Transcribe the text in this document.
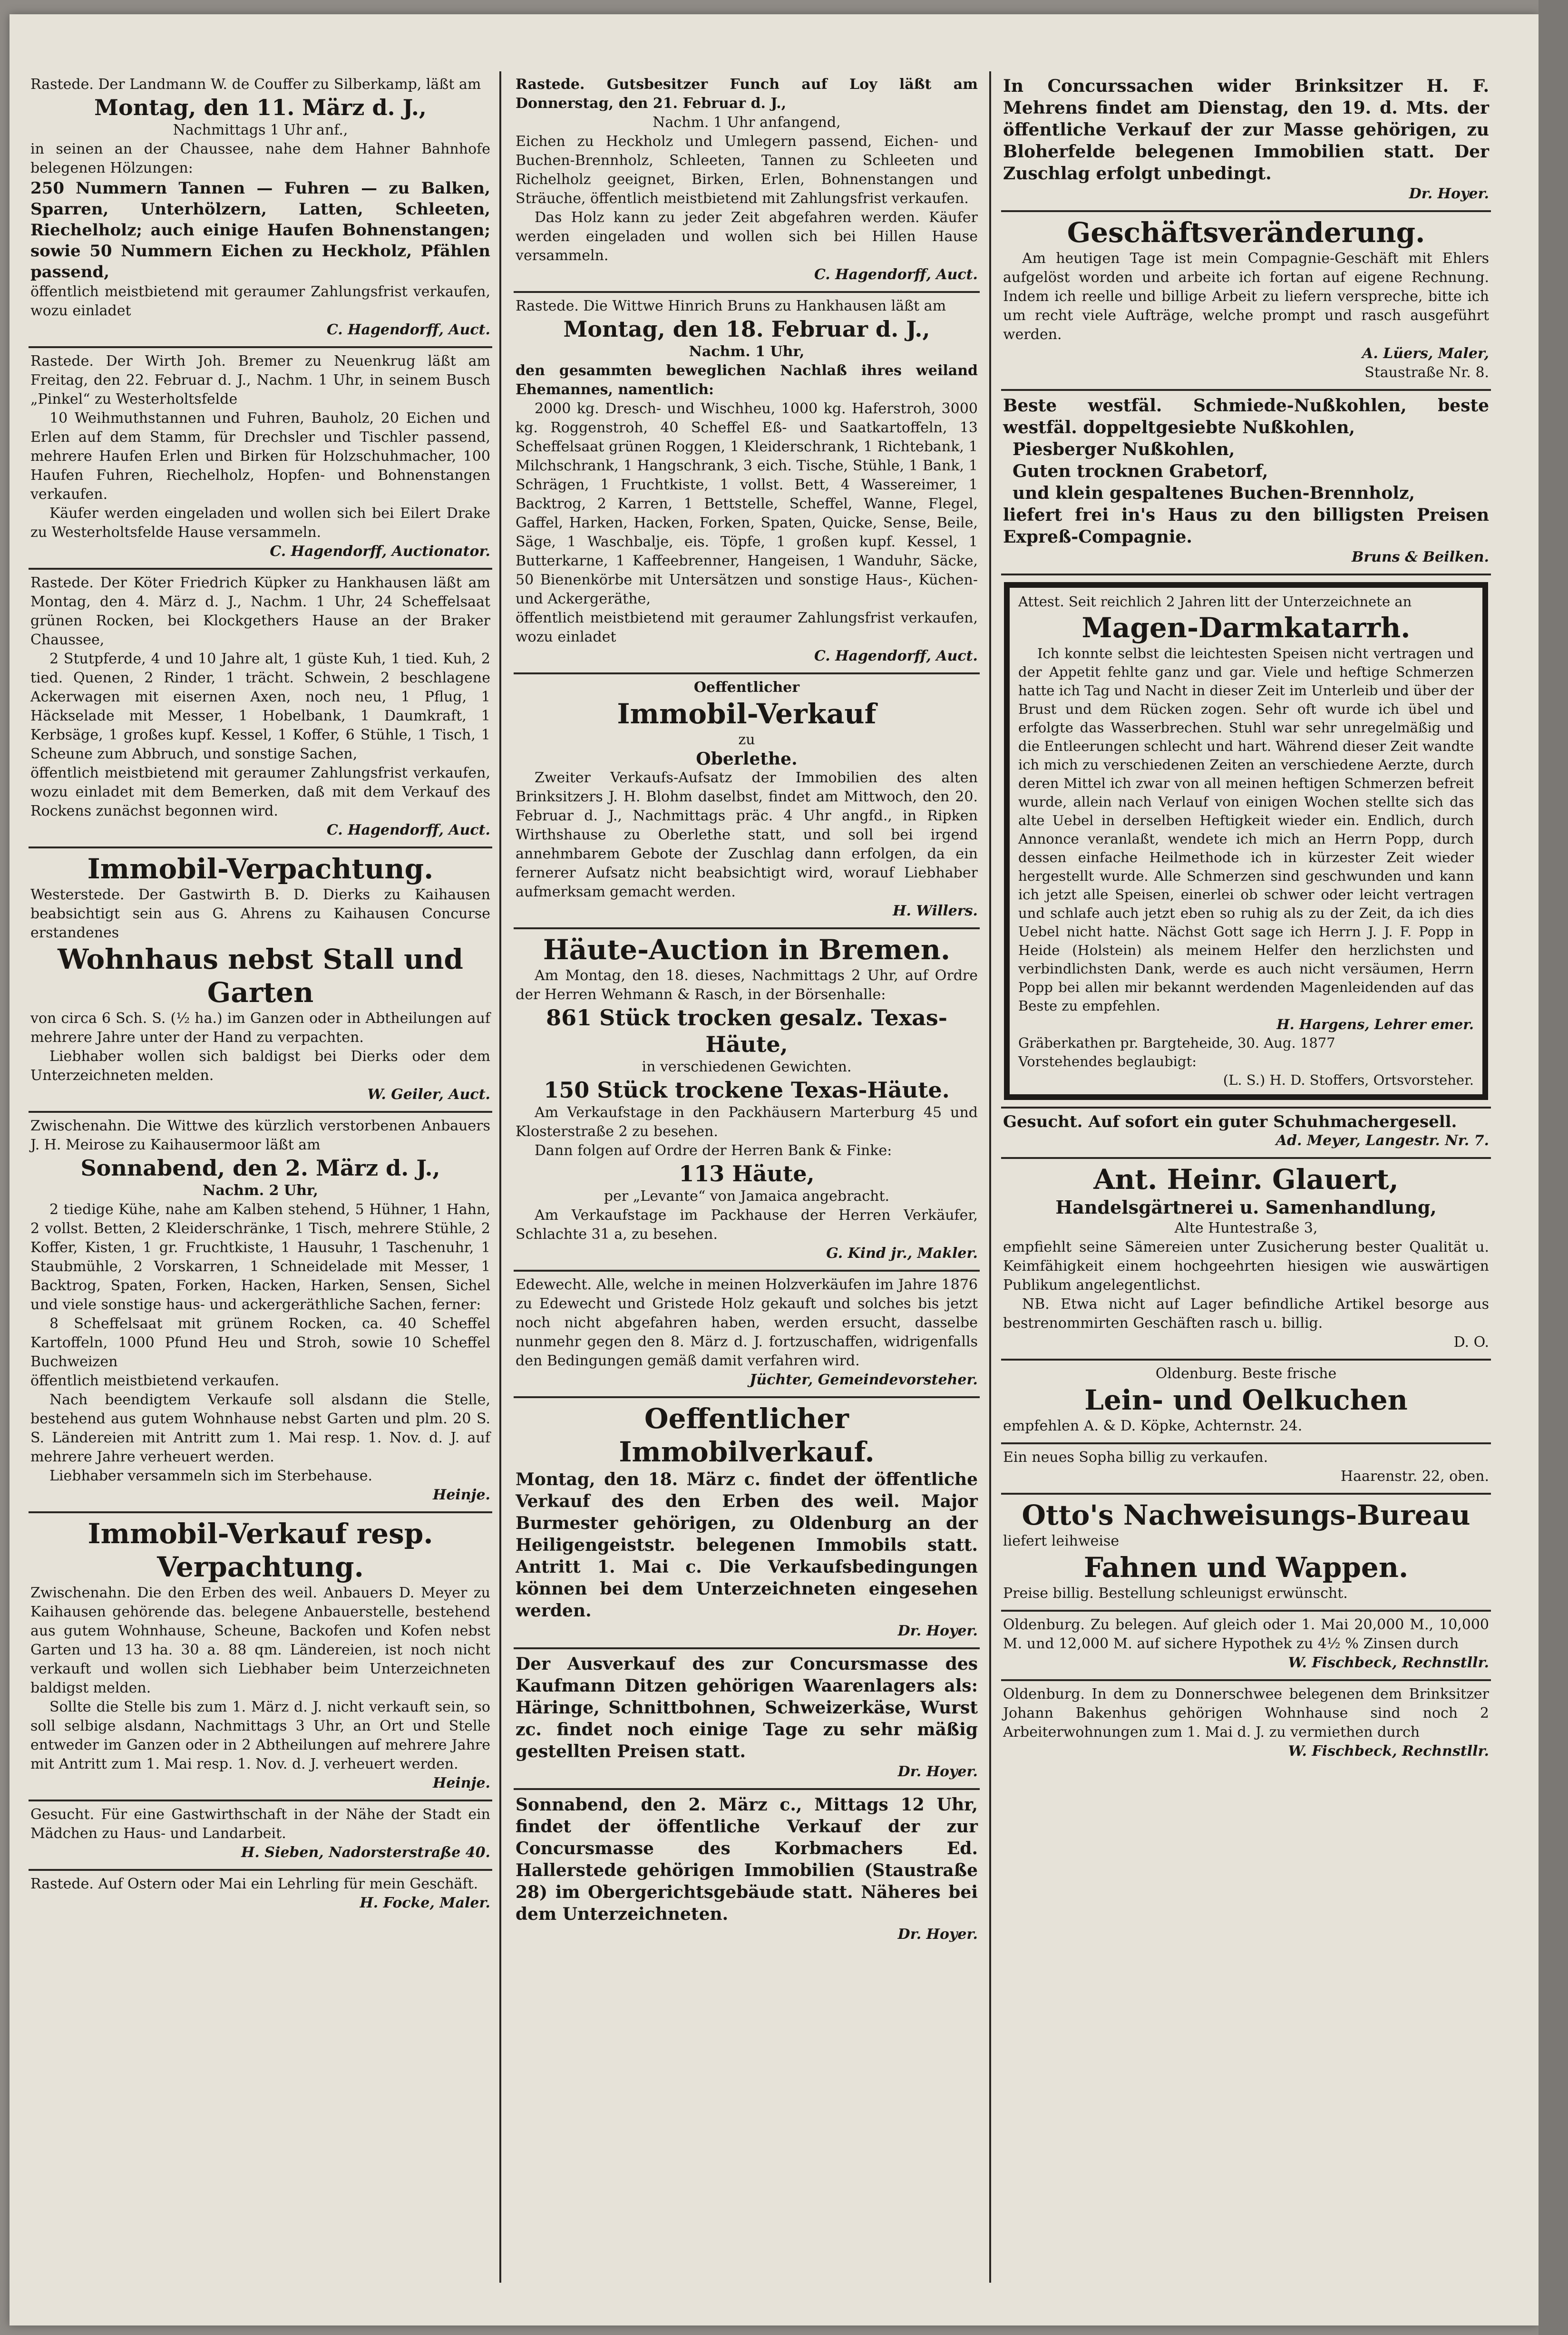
Rastede. Der Landmann W. de Couffer zu Silberkamp, läßt am

Montag, den 11. März d. J.,

Nachmittags 1 Uhr anf.,

in seinen an der Chaussee, nahe dem Hahner Bahnhofe belegenen Hölzungen:

250 Nummern Tannen — Fuhren — zu Balken, Sparren, Unterhölzern, Latten, Schleeten, Riechelholz; auch einige Haufen Bohnenstangen; sowie 50 Nummern Eichen zu Heckholz, Pfählen passend,

öffentlich meistbietend mit geraumer Zahlungsfrist verkaufen, wozu einladet

C. Hagendorff, Auct.

Rastede. Der Wirth Joh. Bremer zu Neuenkrug läßt am Freitag, den 22. Februar d. J., Nachm. 1 Uhr, in seinem Busch „Pinkel“ zu Westerholtsfelde

10 Weihmuthstannen und Fuhren, Bauholz, 20 Eichen und Erlen auf dem Stamm, für Drechsler und Tischler passend, mehrere Haufen Erlen und Birken für Holzschuhmacher, 100 Haufen Fuhren, Riechelholz, Hopfen- und Bohnenstangen verkaufen.

Käufer werden eingeladen und wollen sich bei Eilert Drake zu Westerholtsfelde Hause versammeln.

C. Hagendorff, Auctionator.

Rastede. Der Köter Friedrich Küpker zu Hankhausen läßt am Montag, den 4. März d. J., Nachm. 1 Uhr, 24 Scheffelsaat grünen Rocken, bei Klockgethers Hause an der Braker Chaussee,

2 Stutpferde, 4 und 10 Jahre alt, 1 güste Kuh, 1 tied. Kuh, 2 tied. Quenen, 2 Rinder, 1 trächt. Schwein, 2 beschlagene Ackerwagen mit eisernen Axen, noch neu, 1 Pflug, 1 Häckselade mit Messer, 1 Hobelbank, 1 Daumkraft, 1 Kerbsäge, 1 großes kupf. Kessel, 1 Koffer, 6 Stühle, 1 Tisch, 1 Scheune zum Abbruch, und sonstige Sachen,

öffentlich meistbietend mit geraumer Zahlungsfrist verkaufen, wozu einladet mit dem Bemerken, daß mit dem Verkauf des Rockens zunächst begonnen wird.

C. Hagendorff, Auct.

Immobil-Verpachtung.

Westerstede. Der Gastwirth B. D. Dierks zu Kaihausen beabsichtigt sein aus G. Ahrens zu Kaihausen Concurse erstandenes

Wohnhaus nebst Stall und Garten

von circa 6 Sch. S. (½ ha.) im Ganzen oder in Abtheilungen auf mehrere Jahre unter der Hand zu verpachten.

Liebhaber wollen sich baldigst bei Dierks oder dem Unterzeichneten melden.

W. Geiler, Auct.

Zwischenahn. Die Wittwe des kürzlich verstorbenen Anbauers J. H. Meirose zu Kaihausermoor läßt am

Sonnabend, den 2. März d. J.,

Nachm. 2 Uhr,

2 tiedige Kühe, nahe am Kalben stehend, 5 Hühner, 1 Hahn, 2 vollst. Betten, 2 Kleiderschränke, 1 Tisch, mehrere Stühle, 2 Koffer, Kisten, 1 gr. Fruchtkiste, 1 Hausuhr, 1 Taschenuhr, 1 Staubmühle, 2 Vorskarren, 1 Schneidelade mit Messer, 1 Backtrog, Spaten, Forken, Hacken, Harken, Sensen, Sichel und viele sonstige haus- und ackergeräthliche Sachen, ferner:

8 Scheffelsaat mit grünem Rocken, ca. 40 Scheffel Kartoffeln, 1000 Pfund Heu und Stroh, sowie 10 Scheffel Buchweizen

öffentlich meistbietend verkaufen.

Nach beendigtem Verkaufe soll alsdann die Stelle, bestehend aus gutem Wohnhause nebst Garten und plm. 20 S. S. Ländereien mit Antritt zum 1. Mai resp. 1. Nov. d. J. auf mehrere Jahre verheuert werden.

Liebhaber versammeln sich im Sterbehause.

Heinje.

Immobil-Verkauf resp. Verpachtung.

Zwischenahn. Die den Erben des weil. Anbauers D. Meyer zu Kaihausen gehörende das. belegene Anbauerstelle, bestehend aus gutem Wohnhause, Scheune, Backofen und Kofen nebst Garten und 13 ha. 30 a. 88 qm. Ländereien, ist noch nicht verkauft und wollen sich Liebhaber beim Unterzeichneten baldigst melden.

Sollte die Stelle bis zum 1. März d. J. nicht verkauft sein, so soll selbige alsdann, Nachmittags 3 Uhr, an Ort und Stelle entweder im Ganzen oder in 2 Abtheilungen auf mehrere Jahre mit Antritt zum 1. Mai resp. 1. Nov. d. J. verheuert werden.

Heinje.

Gesucht. Für eine Gastwirthschaft in der Nähe der Stadt ein Mädchen zu Haus- und Landarbeit.

H. Sieben, Nadorsterstraße 40.

Rastede. Auf Ostern oder Mai ein Lehrling für mein Geschäft.

H. Focke, Maler.

Rastede. Gutsbesitzer Funch auf Loy läßt am Donnerstag, den 21. Februar d. J.,

Nachm. 1 Uhr anfangend,

Eichen zu Heckholz und Umlegern passend, Eichen- und Buchen-Brennholz, Schleeten, Tannen zu Schleeten und Richelholz geeignet, Birken, Erlen, Bohnenstangen und Sträuche, öffentlich meistbietend mit Zahlungsfrist verkaufen.

Das Holz kann zu jeder Zeit abgefahren werden. Käufer werden eingeladen und wollen sich bei Hillen Hause versammeln.

C. Hagendorff, Auct.

Rastede. Die Wittwe Hinrich Bruns zu Hankhausen läßt am

Montag, den 18. Februar d. J.,

Nachm. 1 Uhr,

den gesammten beweglichen Nachlaß ihres weiland Ehemannes, namentlich:

2000 kg. Dresch- und Wischheu, 1000 kg. Haferstroh, 3000 kg. Roggenstroh, 40 Scheffel Eß- und Saatkartoffeln, 13 Scheffelsaat grünen Roggen, 1 Kleiderschrank, 1 Richtebank, 1 Milchschrank, 1 Hangschrank, 3 eich. Tische, Stühle, 1 Bank, 1 Schrägen, 1 Fruchtkiste, 1 vollst. Bett, 4 Wassereimer, 1 Backtrog, 2 Karren, 1 Bettstelle, Scheffel, Wanne, Flegel, Gaffel, Harken, Hacken, Forken, Spaten, Quicke, Sense, Beile, Säge, 1 Waschbalje, eis. Töpfe, 1 großen kupf. Kessel, 1 Butterkarne, 1 Kaffeebrenner, Hangeisen, 1 Wanduhr, Säcke, 50 Bienenkörbe mit Untersätzen und sonstige Haus-, Küchen- und Ackergeräthe,

öffentlich meistbietend mit geraumer Zahlungsfrist verkaufen, wozu einladet

C. Hagendorff, Auct.

Oeffentlicher

Immobil-Verkauf

zu

Oberlethe.

Zweiter Verkaufs-Aufsatz der Immobilien des alten Brinksitzers J. H. Blohm daselbst, findet am Mittwoch, den 20. Februar d. J., Nachmittags präc. 4 Uhr angfd., in Ripken Wirthshause zu Oberlethe statt, und soll bei irgend annehmbarem Gebote der Zuschlag dann erfolgen, da ein fernerer Aufsatz nicht beabsichtigt wird, worauf Liebhaber aufmerksam gemacht werden.

H. Willers.

Häute-Auction in Bremen.

Am Montag, den 18. dieses, Nachmittags 2 Uhr, auf Ordre der Herren Wehmann & Rasch, in der Börsenhalle:

861 Stück trocken gesalz. Texas-Häute,

in verschiedenen Gewichten.

150 Stück trockene Texas-Häute.

Am Verkaufstage in den Packhäusern Marterburg 45 und Klosterstraße 2 zu besehen.

Dann folgen auf Ordre der Herren Bank & Finke:

113 Häute,

per „Levante“ von Jamaica angebracht.

Am Verkaufstage im Packhause der Herren Verkäufer, Schlachte 31 a, zu besehen.

G. Kind jr., Makler.

Edewecht. Alle, welche in meinen Holzverkäufen im Jahre 1876 zu Edewecht und Gristede Holz gekauft und solches bis jetzt noch nicht abgefahren haben, werden ersucht, dasselbe nunmehr gegen den 8. März d. J. fortzuschaffen, widrigenfalls den Bedingungen gemäß damit verfahren wird.

Jüchter, Gemeindevorsteher.

Oeffentlicher Immobilverkauf.

Montag, den 18. März c. findet der öffentliche Verkauf des den Erben des weil. Major Burmester gehörigen, zu Oldenburg an der Heiligengeiststr. belegenen Immobils statt. Antritt 1. Mai c. Die Verkaufsbedingungen können bei dem Unterzeichneten eingesehen werden.

Dr. Hoyer.

Der Ausverkauf des zur Concursmasse des Kaufmann Ditzen gehörigen Waarenlagers als: Häringe, Schnittbohnen, Schweizerkäse, Wurst zc. findet noch einige Tage zu sehr mäßig gestellten Preisen statt.

Dr. Hoyer.

Sonnabend, den 2. März c., Mittags 12 Uhr, findet der öffentliche Verkauf der zur Concursmasse des Korbmachers Ed. Hallerstede gehörigen Immobilien (Staustraße 28) im Obergerichtsgebäude statt. Näheres bei dem Unterzeichneten.

Dr. Hoyer.

In Concurssachen wider Brinksitzer H. F. Mehrens findet am Dienstag, den 19. d. Mts. der öffentliche Verkauf der zur Masse gehörigen, zu Bloherfelde belegenen Immobilien statt. Der Zuschlag erfolgt unbedingt.

Dr. Hoyer.

Geschäftsveränderung.

Am heutigen Tage ist mein Compagnie-Geschäft mit Ehlers aufgelöst worden und arbeite ich fortan auf eigene Rechnung. Indem ich reelle und billige Arbeit zu liefern verspreche, bitte ich um recht viele Aufträge, welche prompt und rasch ausgeführt werden.

A. Lüers, Maler,

Staustraße Nr. 8.

Beste westfäl. Schmiede-Nußkohlen, beste westfäl. doppeltgesiebte Nußkohlen,

Piesberger Nußkohlen,

Guten trocknen Grabetorf,

und klein gespaltenes Buchen-Brennholz,

liefert frei in's Haus zu den billigsten Preisen Expreß-Compagnie.

Bruns & Beilken.

Attest. Seit reichlich 2 Jahren litt der Unterzeichnete an

Magen-Darmkatarrh.

Ich konnte selbst die leichtesten Speisen nicht vertragen und der Appetit fehlte ganz und gar. Viele und heftige Schmerzen hatte ich Tag und Nacht in dieser Zeit im Unterleib und über der Brust und dem Rücken zogen. Sehr oft wurde ich übel und erfolgte das Wasserbrechen. Stuhl war sehr unregelmäßig und die Entleerungen schlecht und hart. Während dieser Zeit wandte ich mich zu verschiedenen Zeiten an verschiedene Aerzte, durch deren Mittel ich zwar von all meinen heftigen Schmerzen befreit wurde, allein nach Verlauf von einigen Wochen stellte sich das alte Uebel in derselben Heftigkeit wieder ein. Endlich, durch Annonce veranlaßt, wendete ich mich an Herrn Popp, durch dessen einfache Heilmethode ich in kürzester Zeit wieder hergestellt wurde. Alle Schmerzen sind geschwunden und kann ich jetzt alle Speisen, einerlei ob schwer oder leicht vertragen und schlafe auch jetzt eben so ruhig als zu der Zeit, da ich dies Uebel nicht hatte. Nächst Gott sage ich Herrn J. J. F. Popp in Heide (Holstein) als meinem Helfer den herzlichsten und verbindlichsten Dank, werde es auch nicht versäumen, Herrn Popp bei allen mir bekannt werdenden Magenleidenden auf das Beste zu empfehlen.

H. Hargens, Lehrer emer.

Gräberkathen pr. Bargteheide, 30. Aug. 1877

Vorstehendes beglaubigt:

(L. S.) H. D. Stoffers, Ortsvorsteher.

Gesucht. Auf sofort ein guter Schuhmachergesell.

Ad. Meyer, Langestr. Nr. 7.

Ant. Heinr. Glauert,

Handelsgärtnerei u. Samenhandlung,

Alte Huntestraße 3,

empfiehlt seine Sämereien unter Zusicherung bester Qualität u. Keimfähigkeit einem hochgeehrten hiesigen wie auswärtigen Publikum angelegentlichst.

NB. Etwa nicht auf Lager befindliche Artikel besorge aus bestrenommirten Geschäften rasch u. billig.

D. O.

Oldenburg. Beste frische

Lein- und Oelkuchen

empfehlen A. & D. Köpke, Achternstr. 24.

Ein neues Sopha billig zu verkaufen.

Haarenstr. 22, oben.

Otto's Nachweisungs-Bureau

liefert leihweise

Fahnen und Wappen.

Preise billig. Bestellung schleunigst erwünscht.

Oldenburg. Zu belegen. Auf gleich oder 1. Mai 20,000 M., 10,000 M. und 12,000 M. auf sichere Hypothek zu 4½ % Zinsen durch

W. Fischbeck, Rechnstllr.

Oldenburg. In dem zu Donnerschwee belegenen dem Brinksitzer Johann Bakenhus gehörigen Wohnhause sind noch 2 Arbeiterwohnungen zum 1. Mai d. J. zu vermiethen durch

W. Fischbeck, Rechnstllr.
